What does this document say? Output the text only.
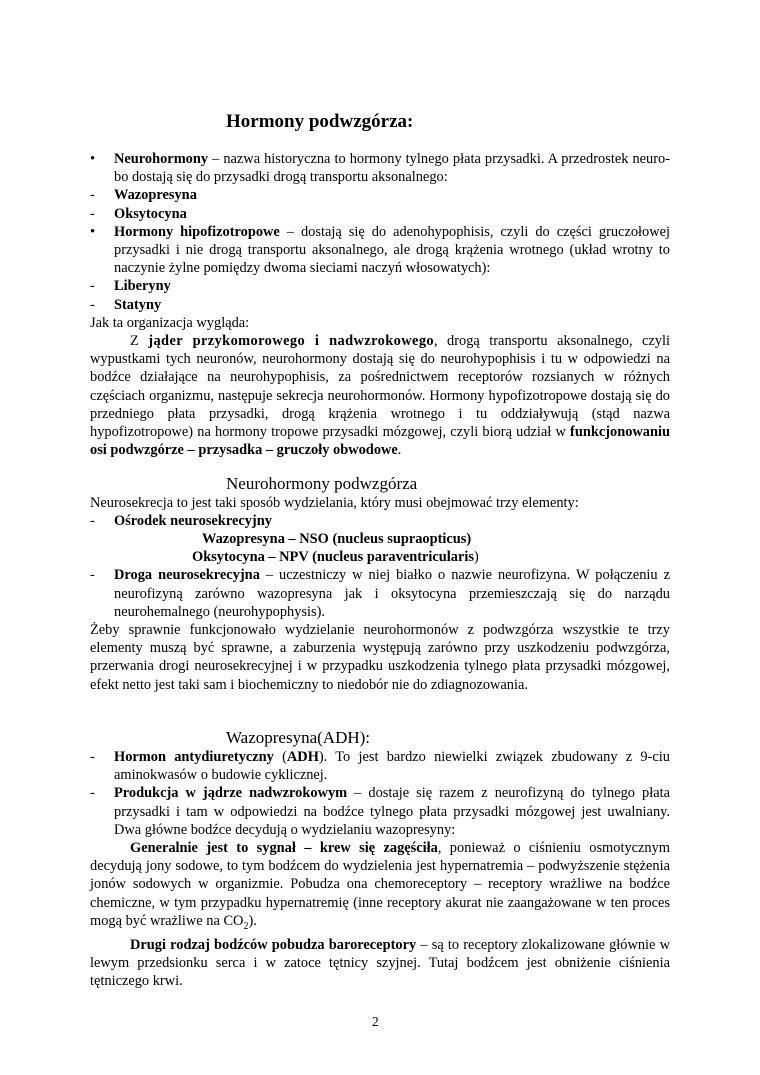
Hormony podwzgórza:
• Neurohormony – nazwa historyczna to hormony tylnego płata przysadki. A przedrostek neuro- bo dostają się do przysadki drogą transportu aksonalnego:
- Wazopresyna
- Oksytocyna
• Hormony hipofizotropowe – dostają się do adenohypophisis, czyli do części gruczołowej przysadki i nie drogą transportu aksonalnego, ale drogą krążenia wrotnego (układ wrotny to naczynie żylne pomiędzy dwoma sieciami naczyń włosowatych):
- Liberyny
- Statyny
Jak ta organizacja wygląda:
Z jąder przykomorowego i nadwzrokowego, drogą transportu aksonalnego, czyli wypustkami tych neuronów, neurohormony dostają się do neurohypophisis i tu w odpowiedzi na bodźce działające na neurohypophisis, za pośrednictwem receptorów rozsianych w różnych częściach organizmu, następuje sekrecja neurohormonów. Hormony hypofizotropowe dostają się do przedniego płata przysadki, drogą krążenia wrotnego i tu oddziaływują (stąd nazwa hypofizotropowe) na hormony tropowe przysadki mózgowej, czyli biorą udział w funkcjonowaniu osi podwzgórze – przysadka – gruczoły obwodowe.
Neurohormony podwzgórza
Neurosekrecja to jest taki sposób wydzielania, który musi obejmować trzy elementy:
- Ośrodek neurosekrecyjny
- Droga neurosekrecyjna – uczestniczy w niej białko o nazwie neurofizyna. W połączeniu z neurofizyną zarówno wazopresyna jak i oksytocyna przemieszczają się do narządu neurohemalnego (neurohypophysis).
Żeby sprawnie funkcjonowało wydzielanie neurohormonów z podwzgórza wszystkie te trzy elementy muszą być sprawne, a zaburzenia występują zarówno przy uszkodzeniu podwzgórza, przerwania drogi neurosekrecyjnej i w przypadku uszkodzenia tylnego płata przysadki mózgowej, efekt netto jest taki sam i biochemiczny to niedobór nie do zdiagnozowania.
Wazopresyna – NSO (nucleus supraopticus)
Oksytocyna – NPV (nucleus paraventricularis)
Wazopresyna(ADH):
- Hormon antydiuretyczny (ADH). To jest bardzo niewielki związek zbudowany z 9-ciu aminokwasów o budowie cyklicznej.
- Produkcja w jądrze nadwzrokowym – dostaje się razem z neurofizyną do tylnego płata przysadki i tam w odpowiedzi na bodźce tylnego płata przysadki mózgowej jest uwalniany. Dwa główne bodźce decydują o wydzielaniu wazopresyny:
Generalnie jest to sygnał – krew się zagęściła, ponieważ o ciśnieniu osmotycznym decydują jony sodowe, to tym bodźcem do wydzielenia jest hypernatremia – podwyższenie stężenia jonów sodowych w organizmie. Pobudza ona chemoreceptory – receptory wrażliwe na bodźce chemiczne, w tym przypadku hypernatremię (inne receptory akurat nie zaangażowane w ten proces mogą być wrażliwe na $CO_2$).
Drugi rodzaj bodźców pobudza baroreceptory – są to receptory zlokalizowane głównie w lewym przedsionku serca i w zatoce tętnicy szyjnej. Tutaj bodźcem jest obniżenie ciśnienia tętniczego krwi.
2
